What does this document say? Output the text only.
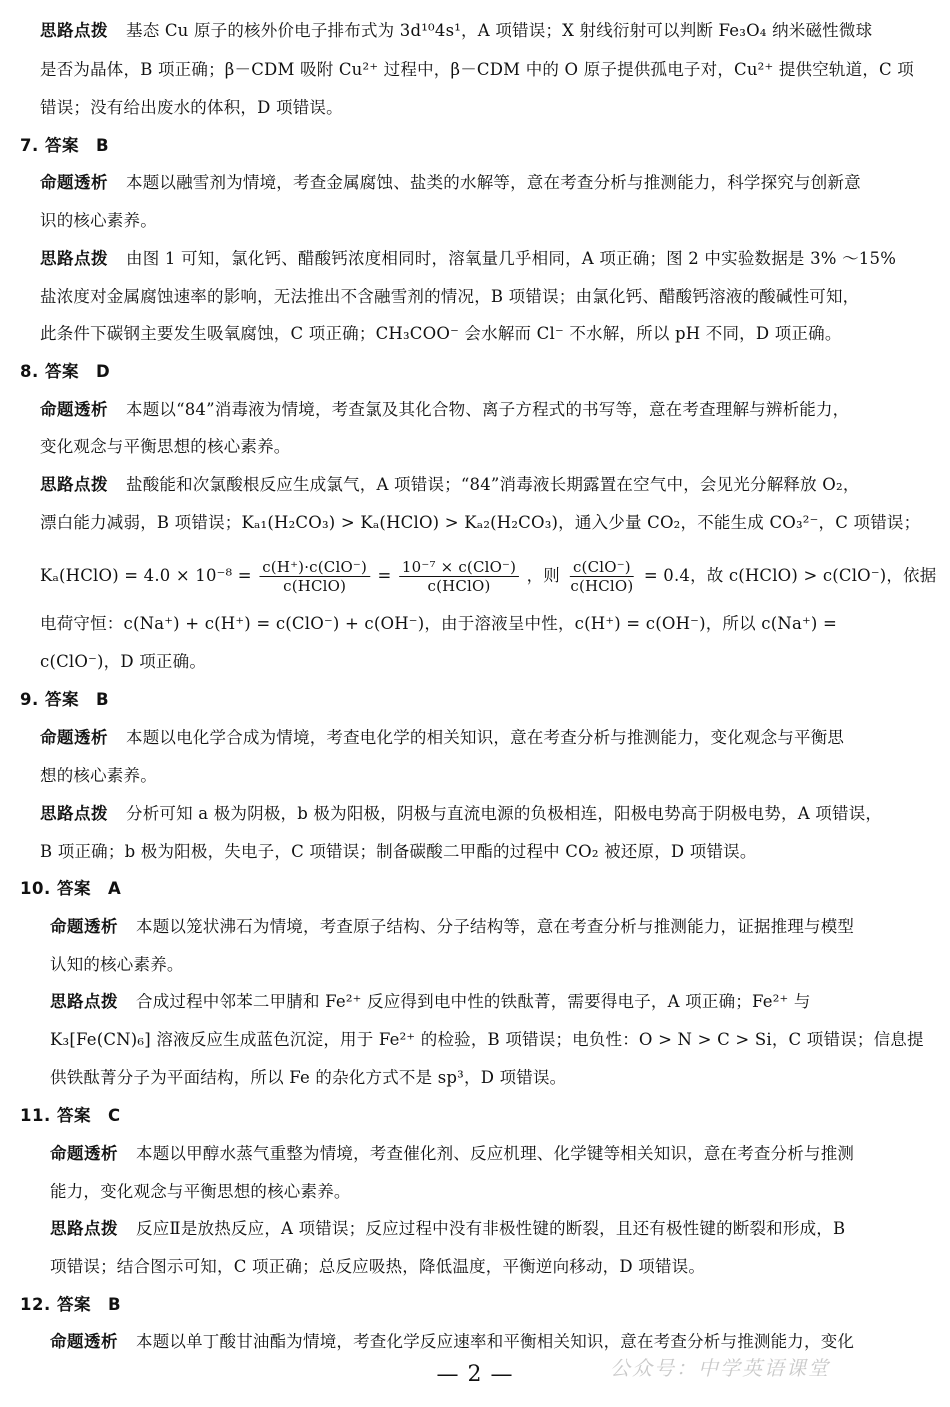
思路点拨 基态 Cu 原子的核外价电子排布式为 3d¹⁰4s¹，A 项错误；X 射线衍射可以判断 Fe₃O₄ 纳米磁性微球
是否为晶体，B 项正确；β－CDM 吸附 Cu²⁺ 过程中，β－CDM 中的 O 原子提供孤电子对，Cu²⁺ 提供空轨道，C 项
错误；没有给出废水的体积，D 项错误。
7. 答案　B
命题透析 本题以融雪剂为情境，考查金属腐蚀、盐类的水解等，意在考查分析与推测能力，科学探究与创新意
识的核心素养。
思路点拨 由图 1 可知，氯化钙、醋酸钙浓度相同时，溶氧量几乎相同，A 项正确；图 2 中实验数据是 3% ～15%
盐浓度对金属腐蚀速率的影响，无法推出不含融雪剂的情况，B 项错误；由氯化钙、醋酸钙溶液的酸碱性可知，
此条件下碳钢主要发生吸氧腐蚀，C 项正确；CH₃COO⁻ 会水解而 Cl⁻ 不水解，所以 pH 不同，D 项正确。
8. 答案　D
命题透析 本题以“84”消毒液为情境，考查氯及其化合物、离子方程式的书写等，意在考查理解与辨析能力，
变化观念与平衡思想的核心素养。
思路点拨 盐酸能和次氯酸根反应生成氯气，A 项错误；“84”消毒液长期露置在空气中，会见光分解释放 O₂，
漂白能力减弱，B 项错误；Kₐ₁(H₂CO₃) > Kₐ(HClO) > Kₐ₂(H₂CO₃)，通入少量 CO₂，不能生成 CO₃²⁻，C 项错误；
Kₐ(HClO) = $4.0 \times 10^{-8} = \frac{\text{c(H⁺)·c(ClO⁻)}}{\text{c(HClO)}} = \frac{\text{10⁻⁷ × c(ClO⁻)}}{\text{c(HClO)}}$ ，则 $\frac{\text{c(ClO⁻)}}{\text{c(HClO)}} = 0.4$，故 c(HClO) > c(ClO⁻)，依据
电荷守恒：c(Na⁺) + c(H⁺) = c(ClO⁻) + c(OH⁻)，由于溶液呈中性，c(H⁺) = c(OH⁻)，所以 c(Na⁺) =
c(ClO⁻)，D 项正确。
9. 答案　B
命题透析 本题以电化学合成为情境，考查电化学的相关知识，意在考查分析与推测能力，变化观念与平衡思
想的核心素养。
思路点拨 分析可知 a 极为阴极，b 极为阳极，阴极与直流电源的负极相连，阳极电势高于阴极电势，A 项错误，
B 项正确；b 极为阳极，失电子，C 项错误；制备碳酸二甲酯的过程中 CO₂ 被还原，D 项错误。
10. 答案　A
命题透析 本题以笼状沸石为情境，考查原子结构、分子结构等，意在考查分析与推测能力，证据推理与模型
认知的核心素养。
思路点拨 合成过程中邻苯二甲腈和 Fe²⁺ 反应得到电中性的铁酞菁，需要得电子，A 项正确；Fe²⁺ 与
K₃[Fe(CN)₆] 溶液反应生成蓝色沉淀，用于 Fe²⁺ 的检验，B 项错误；电负性：O > N > C > Si，C 项错误；信息提
供铁酞菁分子为平面结构，所以 Fe 的杂化方式不是 sp³，D 项错误。
11. 答案　C
命题透析 本题以甲醇水蒸气重整为情境，考查催化剂、反应机理、化学键等相关知识，意在考查分析与推测
能力，变化观念与平衡思想的核心素养。
思路点拨 反应Ⅱ是放热反应，A 项错误；反应过程中没有非极性键的断裂，且还有极性键的断裂和形成，B
项错误；结合图示可知，C 项正确；总反应吸热，降低温度，平衡逆向移动，D 项错误。
12. 答案　B
命题透析 本题以单丁酸甘油酯为情境，考查化学反应速率和平衡相关知识，意在考查分析与推测能力，变化
公众号：中学英语课堂
— 2 —
